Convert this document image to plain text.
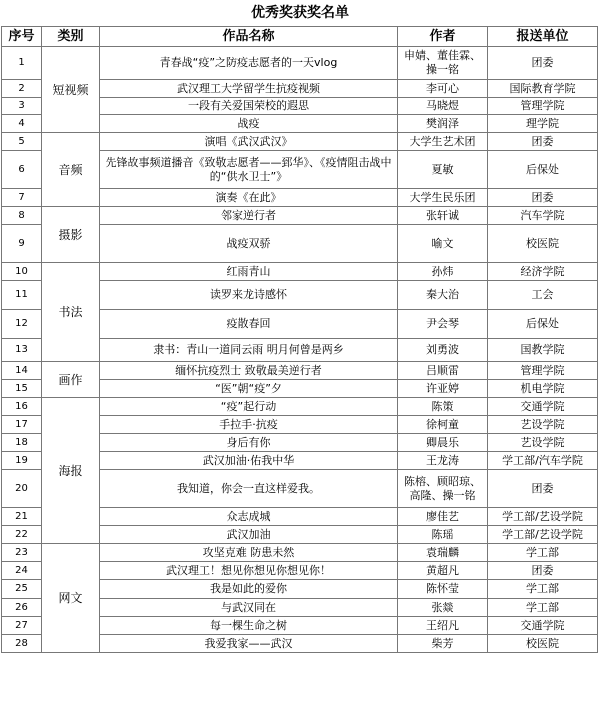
优秀奖获奖名单
序号	类别	作品名称	作者	报送单位
1	短视频	青春战“疫”之防疫志愿者的一天vlog	申婧、董佳霖、操一铭	团委
2		武汉理工大学留学生抗疫视频	李可心	国际教育学院
3		一段有关爱国荣校的遐思	马晓煜	管理学院
4		战疫	樊润泽	理学院
5	音频	演唱《武汉武汉》	大学生艺术团	团委
6		先锋故事频道播音《致敬志愿者——郅华》、《疫情阻击战中的“供水卫士”》	夏敏	后保处
7		演奏《在此》	大学生民乐团	团委
8	摄影	邻家逆行者	张轩诚	汽车学院
9		战疫双骄	喻文	校医院
10	书法	红雨青山	孙炜	经济学院
11		读罗来龙诗感怀	秦大治	工会
12		疫散春回	尹会琴	后保处
13		隶书：青山一道同云雨 明月何曾是两乡	刘勇波	国教学院
14	画作	缅怀抗疫烈士 致敬最美逆行者	吕顺雷	管理学院
15		“医”朝“疫”夕	许亚婷	机电学院
16	海报	“疫”起行动	陈策	交通学院
17		手拉手·抗疫	徐柯童	艺设学院
18		身后有你	卿晨乐	艺设学院
19		武汉加油·佑我中华	王龙涛	学工部/汽车学院
20		我知道，你会一直这样爱我。	陈榕、顾昭琼、高隆、操一铭	团委
21		众志成城	廖佳艺	学工部/艺设学院
22		武汉加油	陈瑶	学工部/艺设学院
23	网文	攻坚克难 防患未然	袁瑞麟	学工部
24		武汉理工！想见你想见你想见你！	黄超凡	团委
25		我是如此的爱你	陈怀莹	学工部
26		与武汉同在	张燚	学工部
27		每一棵生命之树	王绍凡	交通学院
28		我爱我家——武汉	柴芳	校医院
